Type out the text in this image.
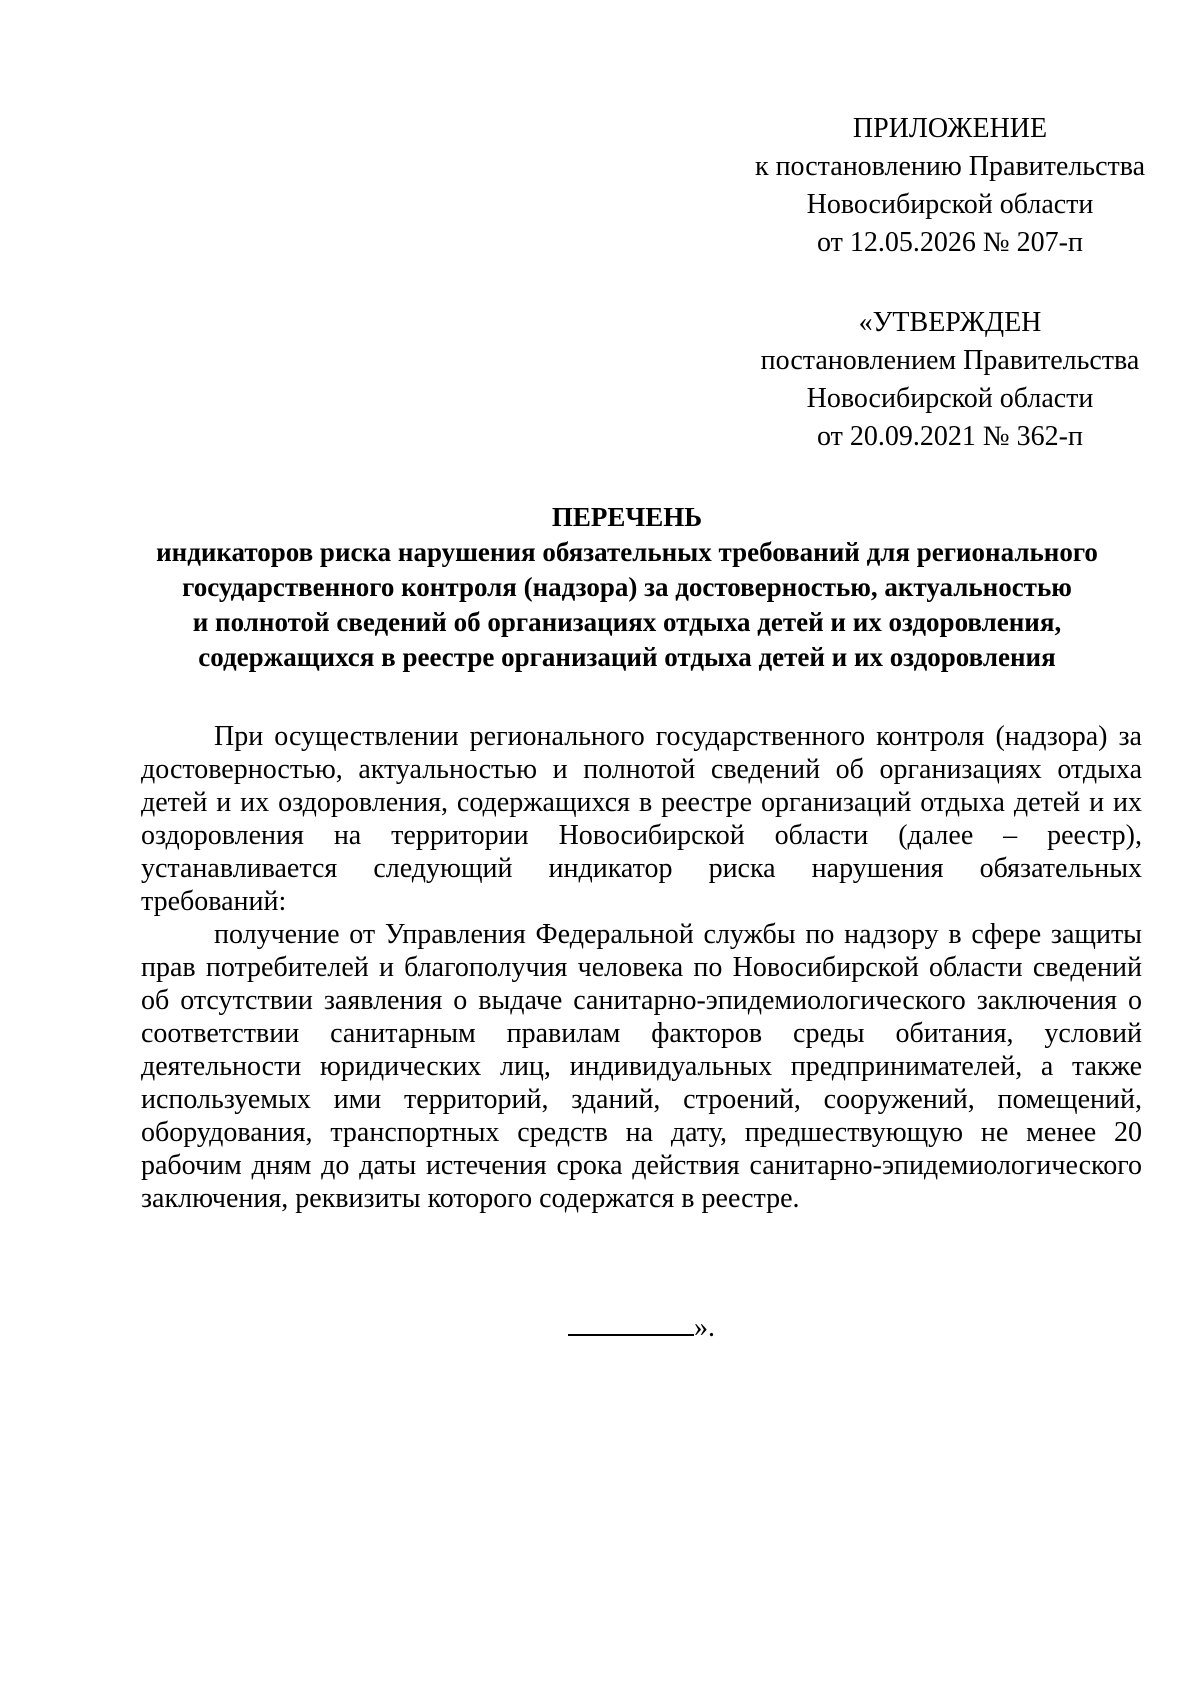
ПРИЛОЖЕНИЕ
к постановлению Правительства
Новосибирской области
от 12.05.2026 № 207-п
«УТВЕРЖДЕН
постановлением Правительства
Новосибирской области
от 20.09.2021 № 362-п
ПЕРЕЧЕНЬ
индикаторов риска нарушения обязательных требований для регионального
государственного контроля (надзора) за достоверностью, актуальностью
и полнотой сведений об организациях отдыха детей и их оздоровления,
содержащихся в реестре организаций отдыха детей и их оздоровления

При осуществлении регионального государственного контроля (надзора) за достоверностью, актуальностью и полнотой сведений об организациях отдыха детей и их оздоровления, содержащихся в реестре организаций отдыха детей и их оздоровления на территории Новосибирской области (далее – реестр), устанавливается следующий индикатор риска нарушения обязательных требований:

получение от Управления Федеральной службы по надзору в сфере защиты прав потребителей и благополучия человека по Новосибирской области сведений об отсутствии заявления о выдаче санитарно-эпидемиологического заключения о соответствии санитарным правилам факторов среды обитания, условий деятельности юридических лиц, индивидуальных предпринимателей, а также используемых ими территорий, зданий, строений, сооружений, помещений, оборудования, транспортных средств на дату, предшествующую не менее 20 рабочим дням до даты истечения срока действия санитарно-эпидемиологического заключения, реквизиты которого содержатся в реестре.

».
